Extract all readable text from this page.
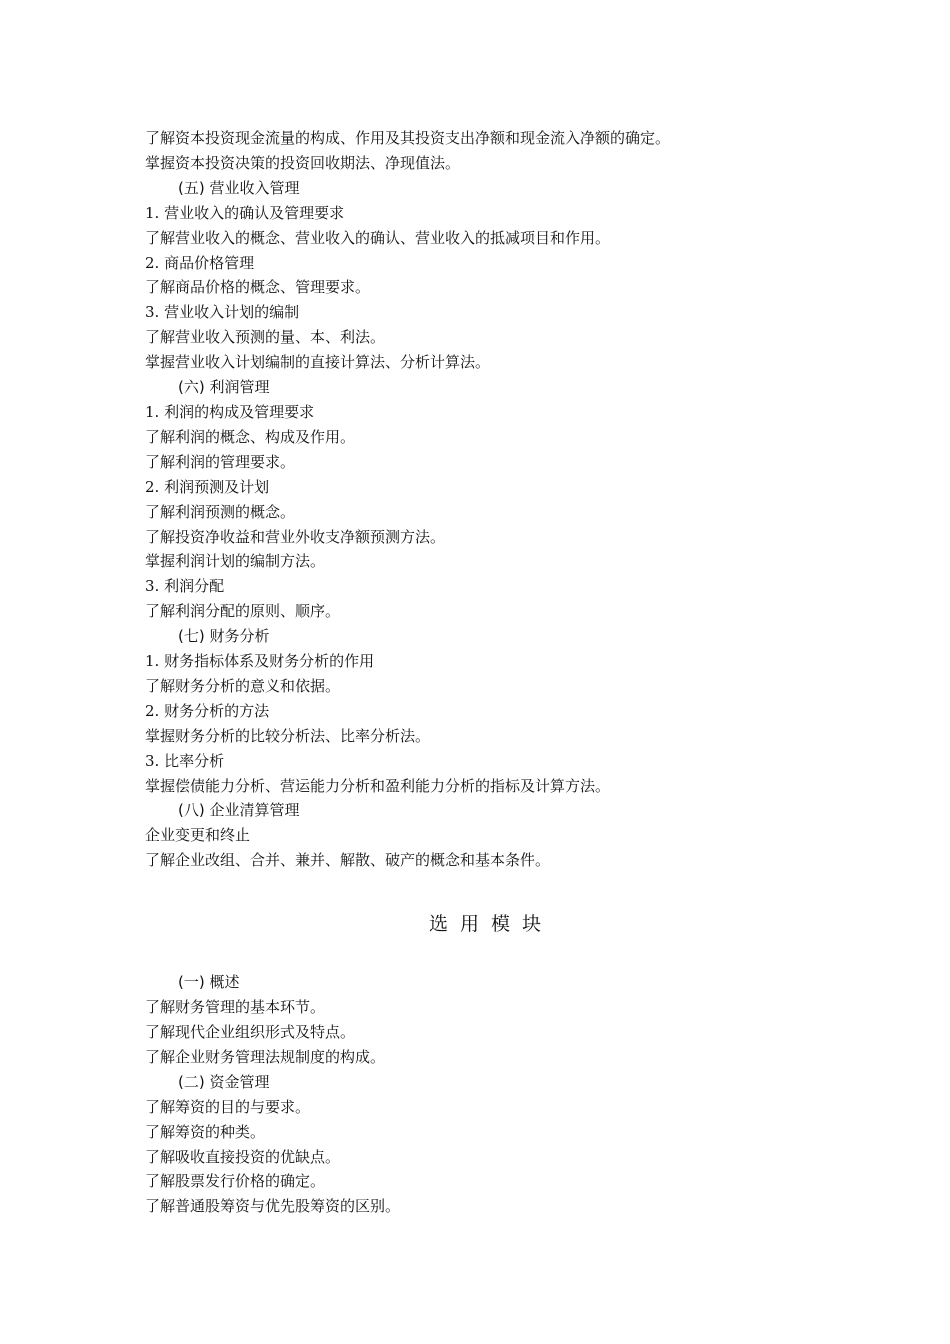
了解资本投资现金流量的构成、作用及其投资支出净额和现金流入净额的确定。
掌握资本投资决策的投资回收期法、净现值法。
(五) 营业收入管理
1. 营业收入的确认及管理要求
了解营业收入的概念、营业收入的确认、营业收入的抵减项目和作用。
2. 商品价格管理
了解商品价格的概念、管理要求。
3. 营业收入计划的编制
了解营业收入预测的量、本、利法。
掌握营业收入计划编制的直接计算法、分析计算法。
(六) 利润管理
1. 利润的构成及管理要求
了解利润的概念、构成及作用。
了解利润的管理要求。
2. 利润预测及计划
了解利润预测的概念。
了解投资净收益和营业外收支净额预测方法。
掌握利润计划的编制方法。
3. 利润分配
了解利润分配的原则、顺序。
(七) 财务分析
1. 财务指标体系及财务分析的作用
了解财务分析的意义和依据。
2. 财务分析的方法
掌握财务分析的比较分析法、比率分析法。
3. 比率分析
掌握偿债能力分析、营运能力分析和盈利能力分析的指标及计算方法。
(八) 企业清算管理
企业变更和终止
了解企业改组、合并、兼并、解散、破产的概念和基本条件。
选用模块
(一) 概述
了解财务管理的基本环节。
了解现代企业组织形式及特点。
了解企业财务管理法规制度的构成。
(二) 资金管理
了解筹资的目的与要求。
了解筹资的种类。
了解吸收直接投资的优缺点。
了解股票发行价格的确定。
了解普通股筹资与优先股筹资的区别。
